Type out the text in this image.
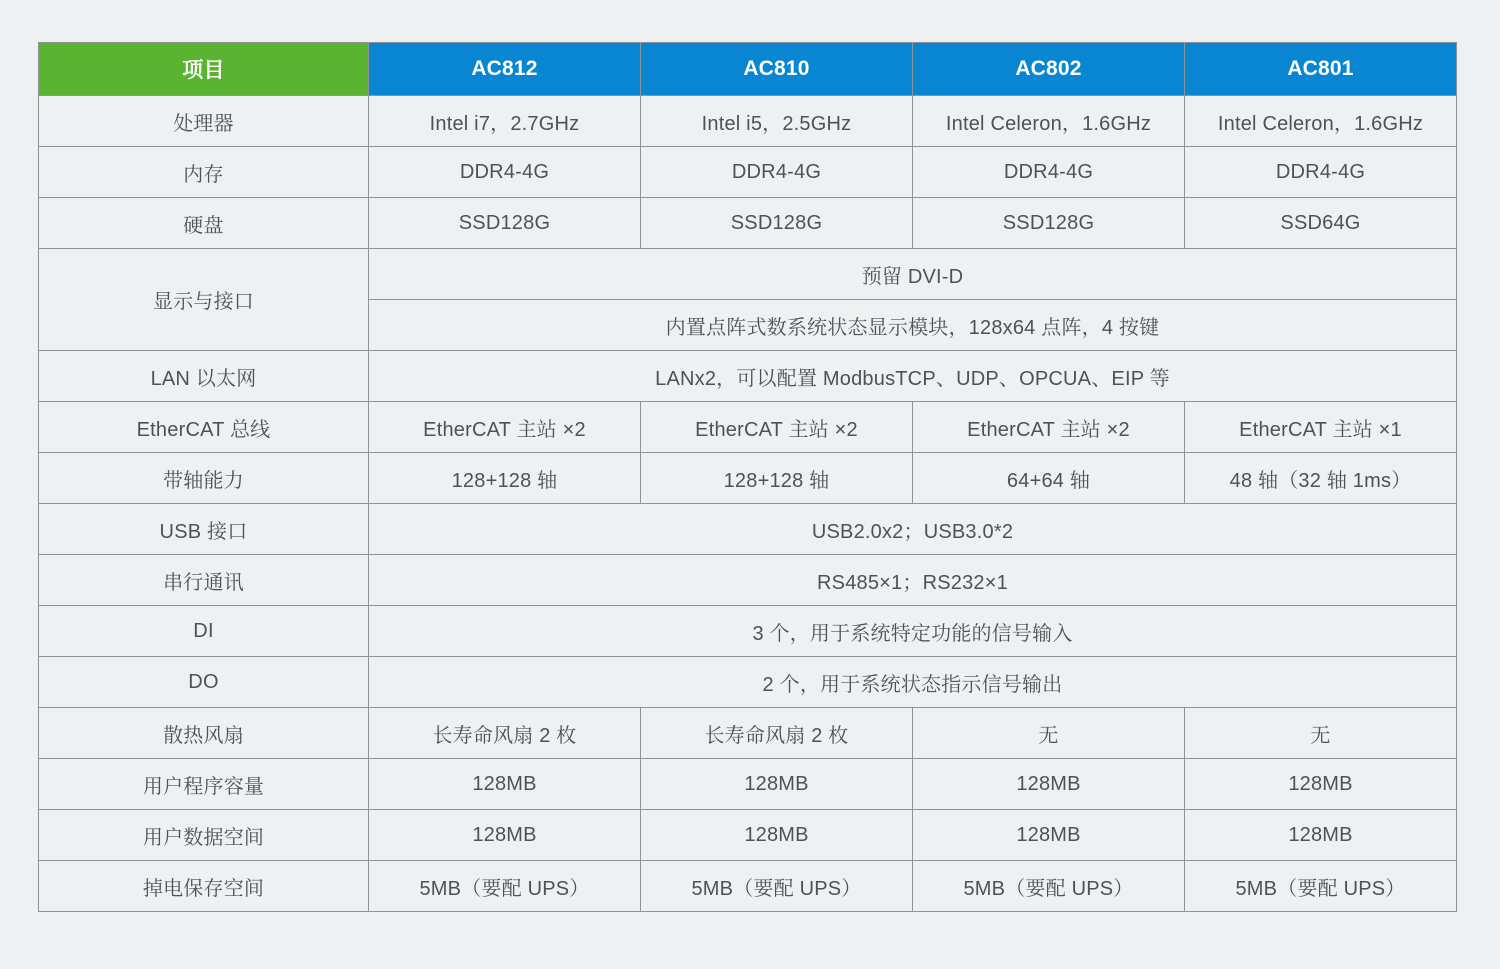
项目	AC812	AC810	AC802	AC801
处理器	Intel i7，2.7GHz	Intel i5，2.5GHz	Intel Celeron，1.6GHz	Intel Celeron，1.6GHz
内存	DDR4-4G	DDR4-4G	DDR4-4G	DDR4-4G
硬盘	SSD128G	SSD128G	SSD128G	SSD64G
显示与接口	预留 DVI-D			
	内置点阵式数系统状态显示模块，128x64 点阵，4 按键			
LAN 以太网	LANx2，可以配置 ModbusTCP、UDP、OPCUA、EIP 等			
EtherCAT 总线	EtherCAT 主站 ×2	EtherCAT 主站 ×2	EtherCAT 主站 ×2	EtherCAT 主站 ×1
带轴能力	128+128 轴	128+128 轴	64+64 轴	48 轴（32 轴 1ms）
USB 接口	USB2.0x2；USB3.0*2			
串行通讯	RS485×1；RS232×1			
DI	3 个，用于系统特定功能的信号输入			
DO	2 个，用于系统状态指示信号输出			
散热风扇	长寿命风扇 2 枚	长寿命风扇 2 枚	无	无
用户程序容量	128MB	128MB	128MB	128MB
用户数据空间	128MB	128MB	128MB	128MB
掉电保存空间	5MB（要配 UPS）	5MB（要配 UPS）	5MB（要配 UPS）	5MB（要配 UPS）
